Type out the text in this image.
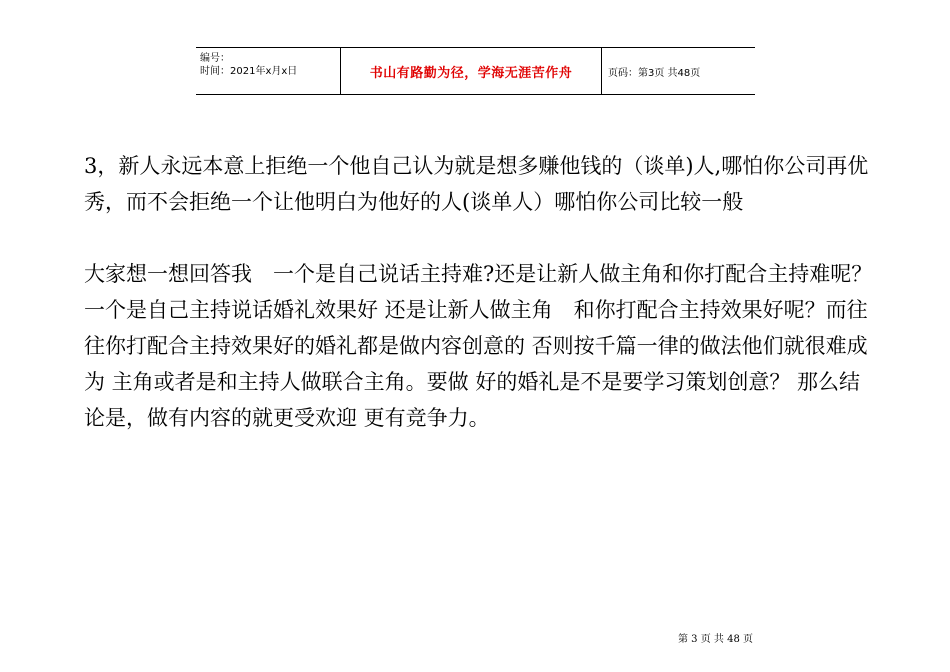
编号：
时间：2021年x月x日	书山有路勤为径，学海无涯苦作舟	页码：第3页 共48页

3，新人永远本意上拒绝一个他自己认为就是想多赚他钱的（谈单)人,哪怕你公司再优秀，而不会拒绝一个让他明白为他好的人(谈单人）哪怕你公司比较一般

大家想一想回答我　一个是自己说话主持难?还是让新人做主角和你打配合主持难呢？一个是自己主持说话婚礼效果好 还是让新人做主角　和你打配合主持效果好呢？而往往你打配合主持效果好的婚礼都是做内容创意的 否则按千篇一律的做法他们就很难成为 主角或者是和主持人做联合主角。要做 好的婚礼是不是要学习策划创意？ 那么结论是，做有内容的就更受欢迎 更有竞争力。

第 3 页 共 48 页
